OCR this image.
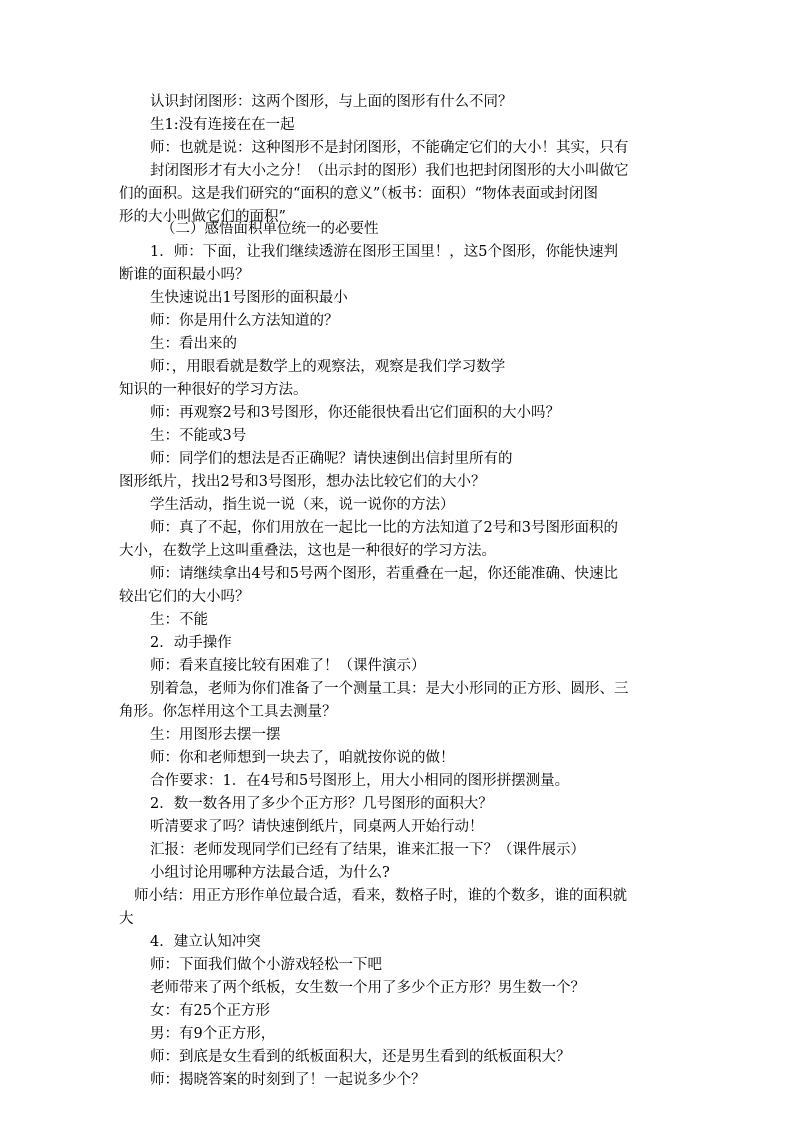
认识封闭图形：这两个图形，与上面的图形有什么不同？
生1:没有连接在在一起
师：也就是说：这种图形不是封闭图形，不能确定它们的大小！其实，只有
封闭图形才有大小之分！（出示封的图形）我们也把封闭图形的大小叫做它
们的面积。这是我们研究的“面积的意义”（板书：面积）“物体表面或封闭图
形的大小叫做它们的面积”
（二）感悟面积单位统一的必要性
1．师：下面，让我们继续透游在图形王国里！，这5个图形，你能快速判
断谁的面积最小吗？
生快速说出1号图形的面积最小
师：你是用什么方法知道的？
生：看出来的
师：，用眼看就是数学上的观察法，观察是我们学习数学
知识的一种很好的学习方法。
师：再观察2号和3号图形，你还能很快看出它们面积的大小吗？
生：不能或3号
师：同学们的想法是否正确呢？请快速倒出信封里所有的
图形纸片，找出2号和3号图形，想办法比较它们的大小？
学生活动，指生说一说（来，说一说你的方法）
师：真了不起，你们用放在一起比一比的方法知道了2号和3号图形面积的
大小，在数学上这叫重叠法，这也是一种很好的学习方法。
师：请继续拿出4号和5号两个图形，若重叠在一起，你还能准确、快速比
较出它们的大小吗？
生：不能
2．动手操作
师：看来直接比较有困难了！（课件演示）
别着急，老师为你们准备了一个测量工具：是大小形同的正方形、圆形、三
角形。你怎样用这个工具去测量？
生：用图形去摆一摆
师：你和老师想到一块去了，咱就按你说的做！
合作要求：1．在4号和5号图形上，用大小相同的图形拼摆测量。
2．数一数各用了多少个正方形？几号图形的面积大？
听清要求了吗？请快速倒纸片，同桌两人开始行动！
汇报：老师发现同学们已经有了结果，谁来汇报一下？（课件展示）
小组讨论用哪种方法最合适，为什么?
师小结：用正方形作单位最合适，看来，数格子时，谁的个数多，谁的面积就
大
4．建立认知冲突
师：下面我们做个小游戏轻松一下吧
老师带来了两个纸板，女生数一个用了多少个正方形？男生数一个？
女：有25个正方形
男：有9个正方形，
师：到底是女生看到的纸板面积大，还是男生看到的纸板面积大？
师：揭晓答案的时刻到了！一起说多少个？
